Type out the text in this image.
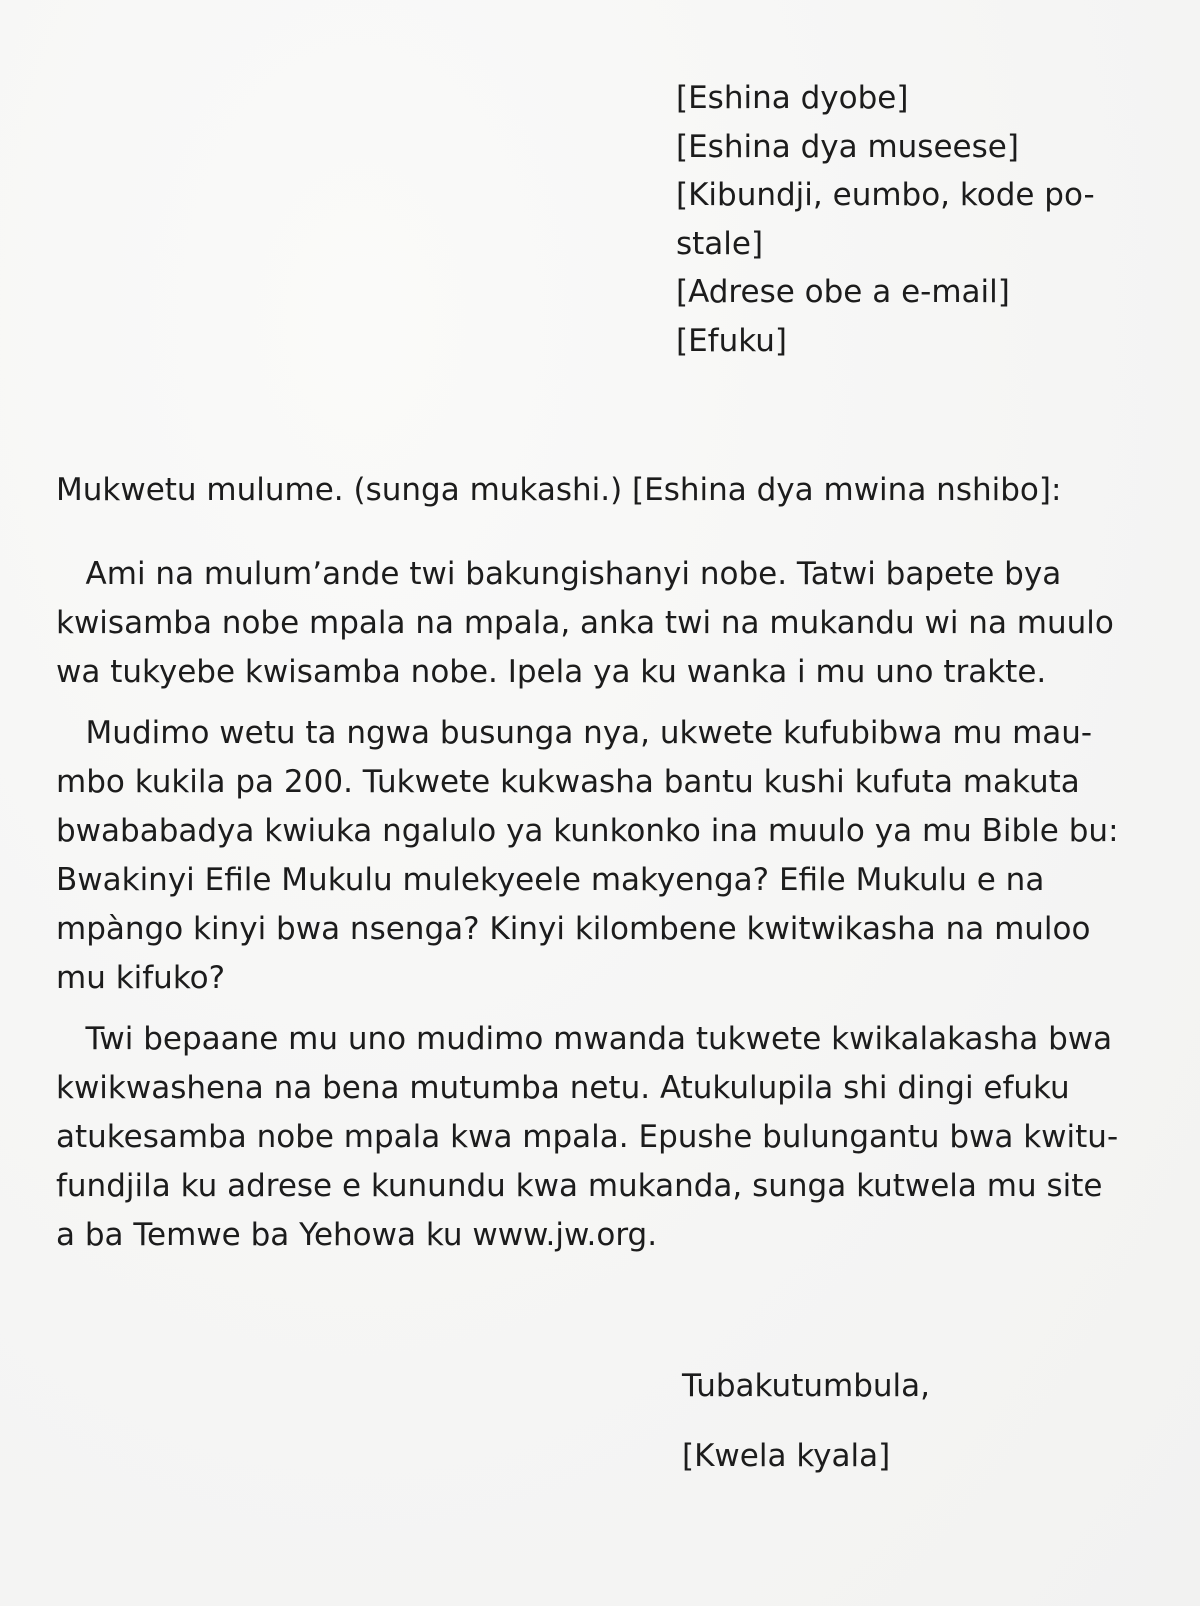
[Eshina dyobe]
[Eshina dya museese]
[Kibundji, eumbo, kode po-
stale]
[Adrese obe a e-mail]
[Efuku]
Mukwetu mulume. (sunga mukashi.) [Eshina dya mwina nshibo]:
Ami na mulum’ande twi bakungishanyi nobe. Tatwi bapete bya
kwisamba nobe mpala na mpala, anka twi na mukandu wi na muulo
wa tukyebe kwisamba nobe. Ipela ya ku wanka i mu uno trakte.
Mudimo wetu ta ngwa busunga nya, ukwete kufubibwa mu mau-
mbo kukila pa 200. Tukwete kukwasha bantu kushi kufuta makuta
bwababadya kwiuka ngalulo ya kunkonko ina muulo ya mu Bible bu:
Bwakinyi Efile Mukulu mulekyeele makyenga? Efile Mukulu e na
mpàngo kinyi bwa nsenga? Kinyi kilombene kwitwikasha na muloo
mu kifuko?
Twi bepaane mu uno mudimo mwanda tukwete kwikalakasha bwa
kwikwashena na bena mutumba netu. Atukulupila shi dingi efuku
atukesamba nobe mpala kwa mpala. Epushe bulungantu bwa kwitu-
fundjila ku adrese e kunundu kwa mukanda, sunga kutwela mu site
a ba Temwe ba Yehowa ku www.jw.org.
Tubakutumbula,
[Kwela kyala]
